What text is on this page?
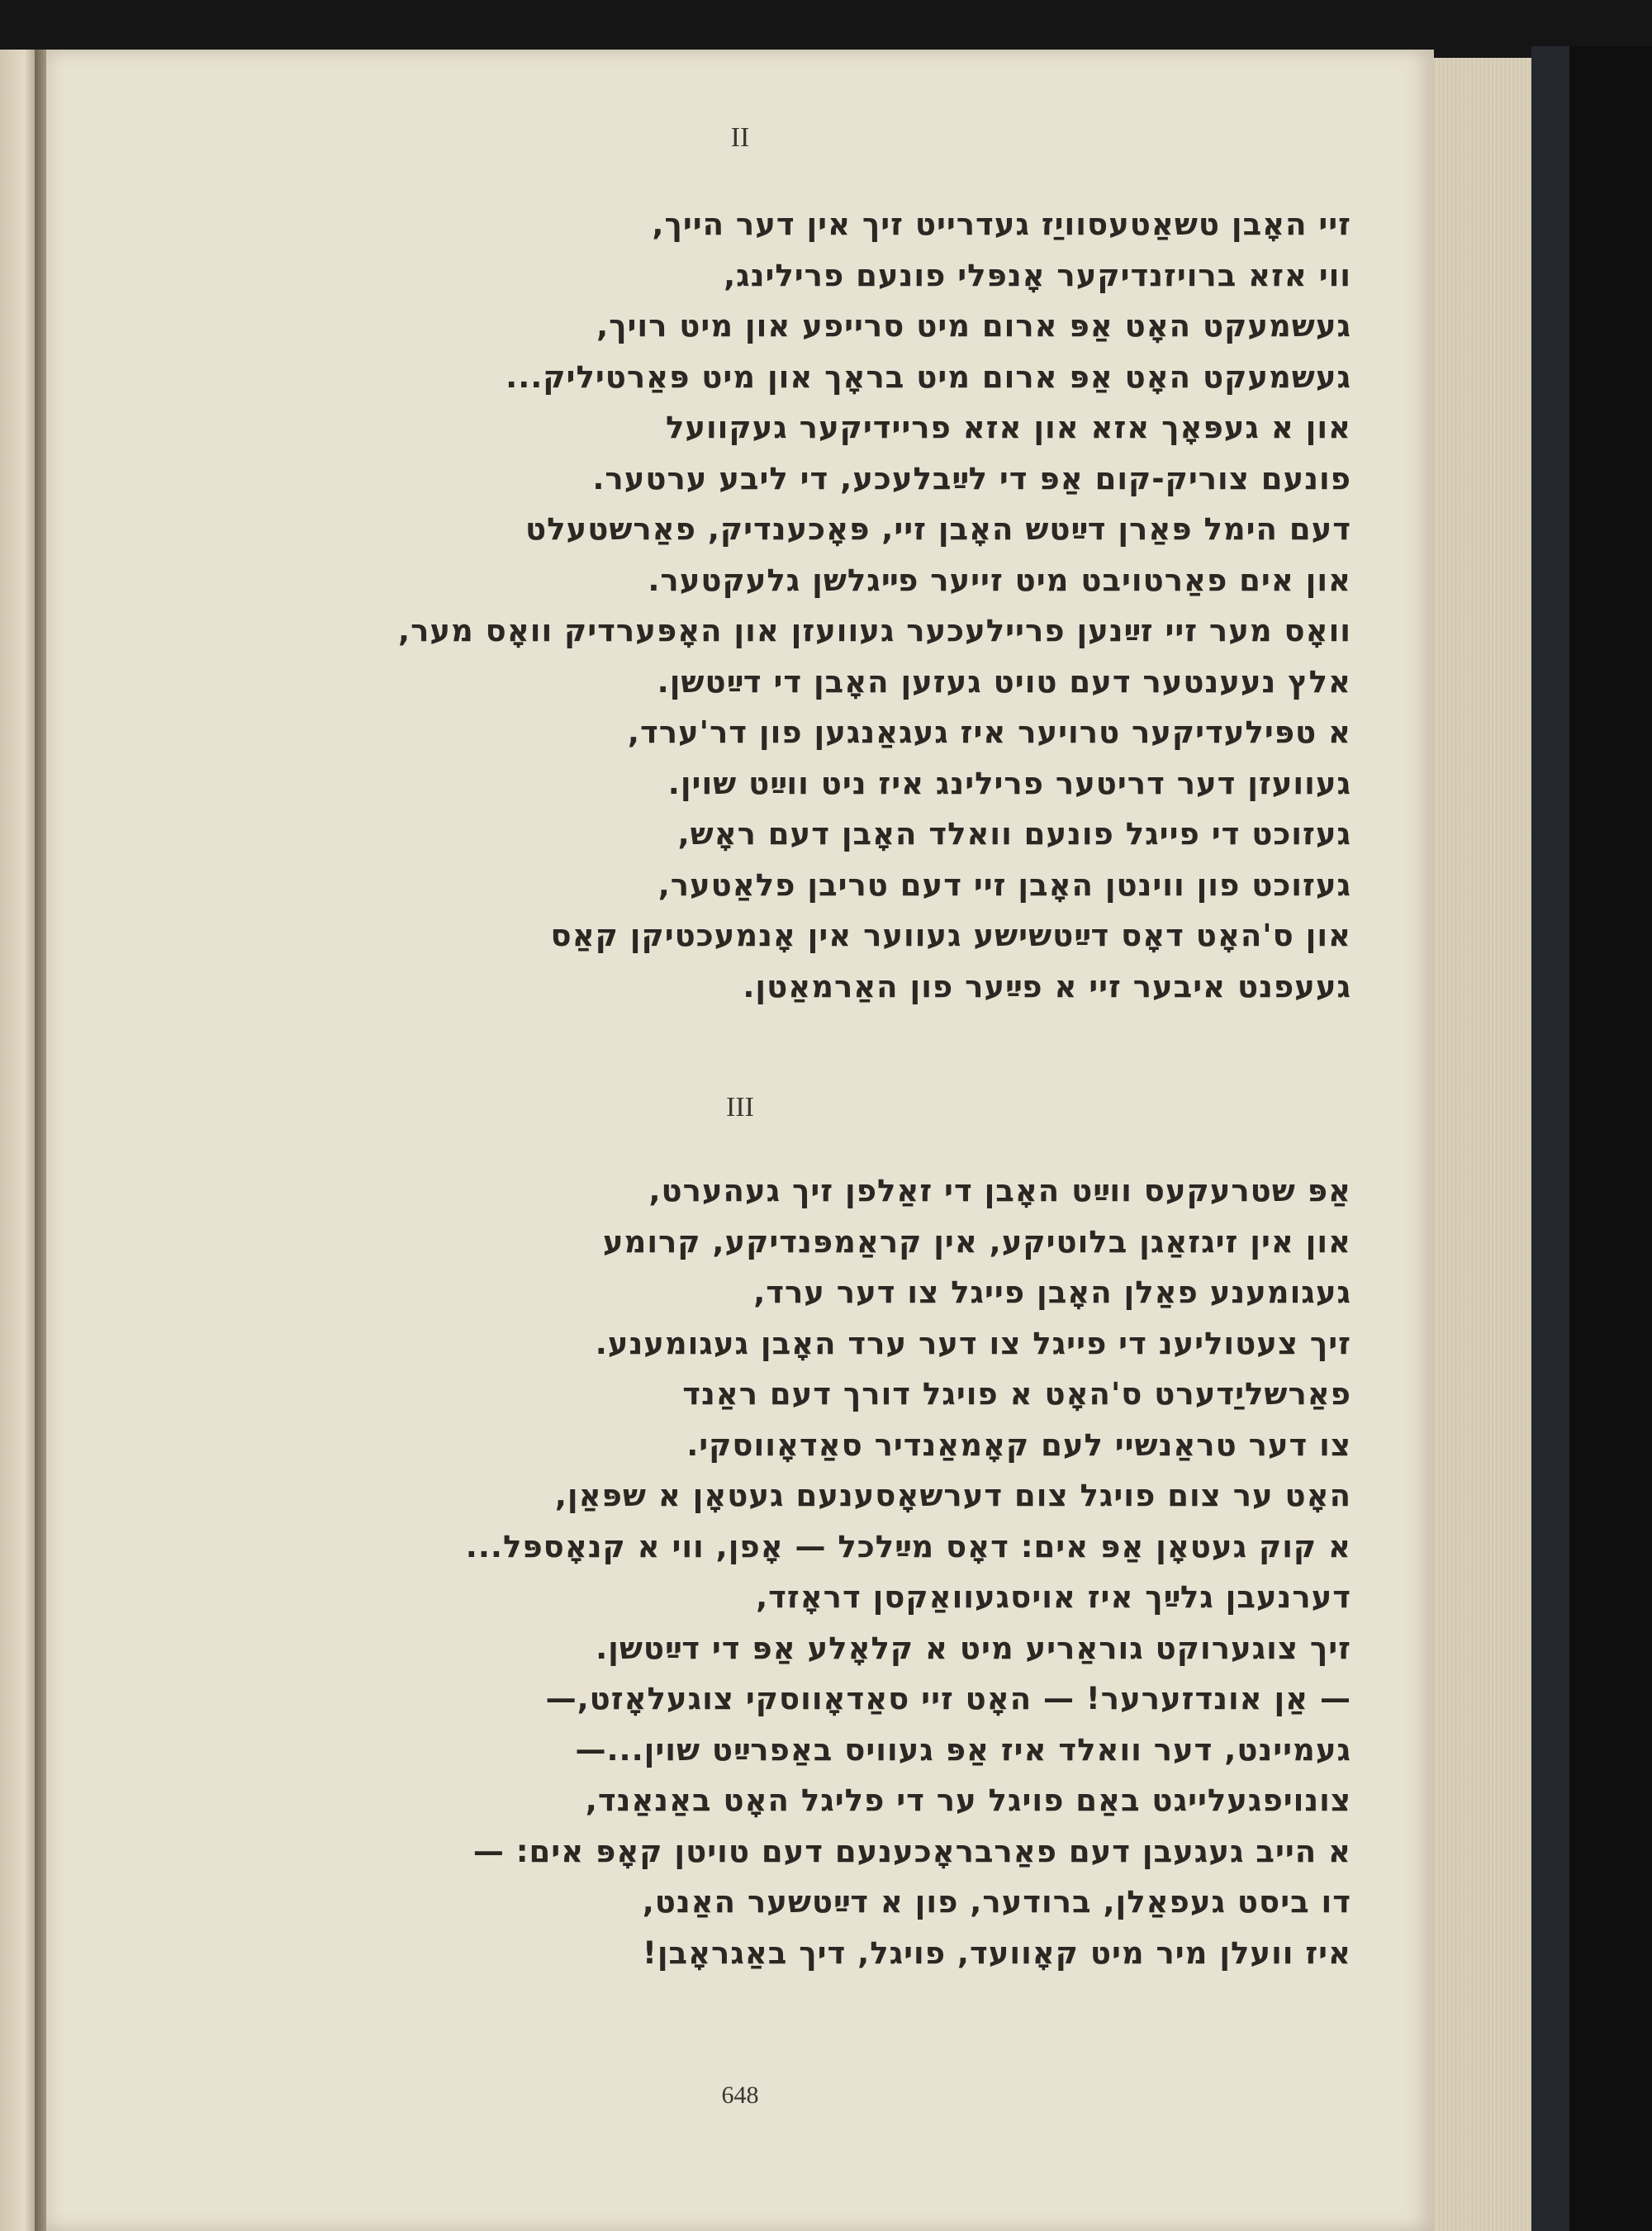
II
זיי האָבן טשאַטעסוויַז געדרייט זיך אין דער הייך,
ווי אזא ברויזנדיקער אָנפּלי פונעם פרילינג,
געשמעקט האָט אַפּ ארום מיט סרייפע און מיט רויך,
געשמעקט האָט אַפּ ארום מיט בראָך און מיט פּאַרטיליק...
און א געפּאָך אזא און אזא פריידיקער געקוועל
פונעם צוריק-קום אַפּ די לײַבלעכע, די ליבע ערטער.
דעם הימל פּאַרן דײַטש האָבן זיי, פּאָכענדיק, פאַרשטעלט
און אים פאַרטויבט מיט זייער פײגלשן גלעקטער.
וואָס מער זיי זײַנען פריילעכער געוועזן און האָפּערדיק וואָס מער,
אלץ נעענטער דעם טויט געזען האָבן די דײַטשן.
א טפּילעדיקער טרויער איז געגאַנגען פון דר'ערד,
געוועזן דער דריטער פרילינג איז ניט ווײַט שוין.
געזוכט די פייגל פונעם וואלד האָבן דעם ראָש,
געזוכט פון ווינטן האָבן זיי דעם טריבן פלאַטער,
און ס'האָט דאָס דײַטשישע געווער אין אָנמעכטיקן קאַס
געעפנט איבער זיי א פײַער פון האַרמאַטן.
III
אַפּ שטרעקעס ווײַט האָבן די זאַלפן זיך געהערט,
און אין זיגזאַגן בלוטיקע, אין קראַמפּנדיקע, קרומע
געגומענע פאַלן האָבן פייגל צו דער ערד,
זיך צעטוליענ די פייגל צו דער ערד האָבן געגומענע.
פאַרשליַדערט ס'האָט א פויגל דורך דעם ראַנד
צו דער טראַנשיי לעם קאָמאַנדיר סאַדאָווסקי.
האָט ער צום פויגל צום דערשאָסענעם געטאָן א שפּאַן,
א קוק געטאָן אַפּ אים: דאָס מײַלכל — אָפן, ווי א קנאָספּל...
דערנעבן גלײַך איז אויסגעוואַקסן דראָזד,
זיך צוגערוקט גוראַריע מיט א קלאָלע אַפּ די דײַטשן.
— אַן אונדזערער! — האָט זיי סאַדאָווסקי צוגעלאָזט,—
געמיינט, דער וואלד איז אַפּ געוויס באַפרײַט שוין...—
צונויפגעלייגט באַם פויגל ער די פליגל האָט באַנאַנד,
א הייב געגעבן דעם פאַרבראָכענעם דעם טויטן קאָפּ אים: —
דו ביסט געפאַלן, ברודער, פון א דײַטשער האַנט,
איז וועלן מיר מיט קאָוועד, פויגל, דיך באַגראָבן!
648
